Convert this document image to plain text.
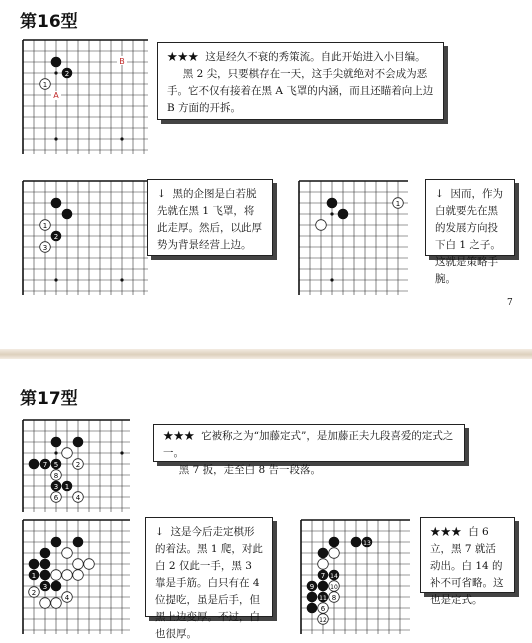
第16型
2
1
A
B	★★★ 这是经久不衰的秀策流。自此开始进入小目编。

黑 2 尖，只要棋存在一天，这手尖就绝对不会成为恶手。它不仅有接着在黑 A 飞罩的内涵，而且还瞄着向上边 B 方面的开拆。

1
2
3

↓ 黑的企图是白若脱先就在黑 1 飞罩，将此走厚。然后，以此厚势为背景经营上边。

1

↓ 因而，作为白就要先在黑的发展方向投下白 1 之子。这就是策略手腕。

7
第17型
5
7	2
8
3 1
6	4

★★★ 它被称之为“加藤定式”，是加藤正夫九段喜爱的定式之一。

黑 7 扳，走至白 8 告一段落。

1
3
2
4

↓ 这是今后走定棋形的着法。黑 1 爬，对此白 2 仅此一手，黑 3 靠是手筋。白只有在 4 位提吃，虽是后手，但黑上边变厚。不过，白也很厚。

13
7 14
9	10
11 8
6
12

★★★ 白 6 立，黑 7 就活动出。白 14 的补不可省略。这也是定式。
